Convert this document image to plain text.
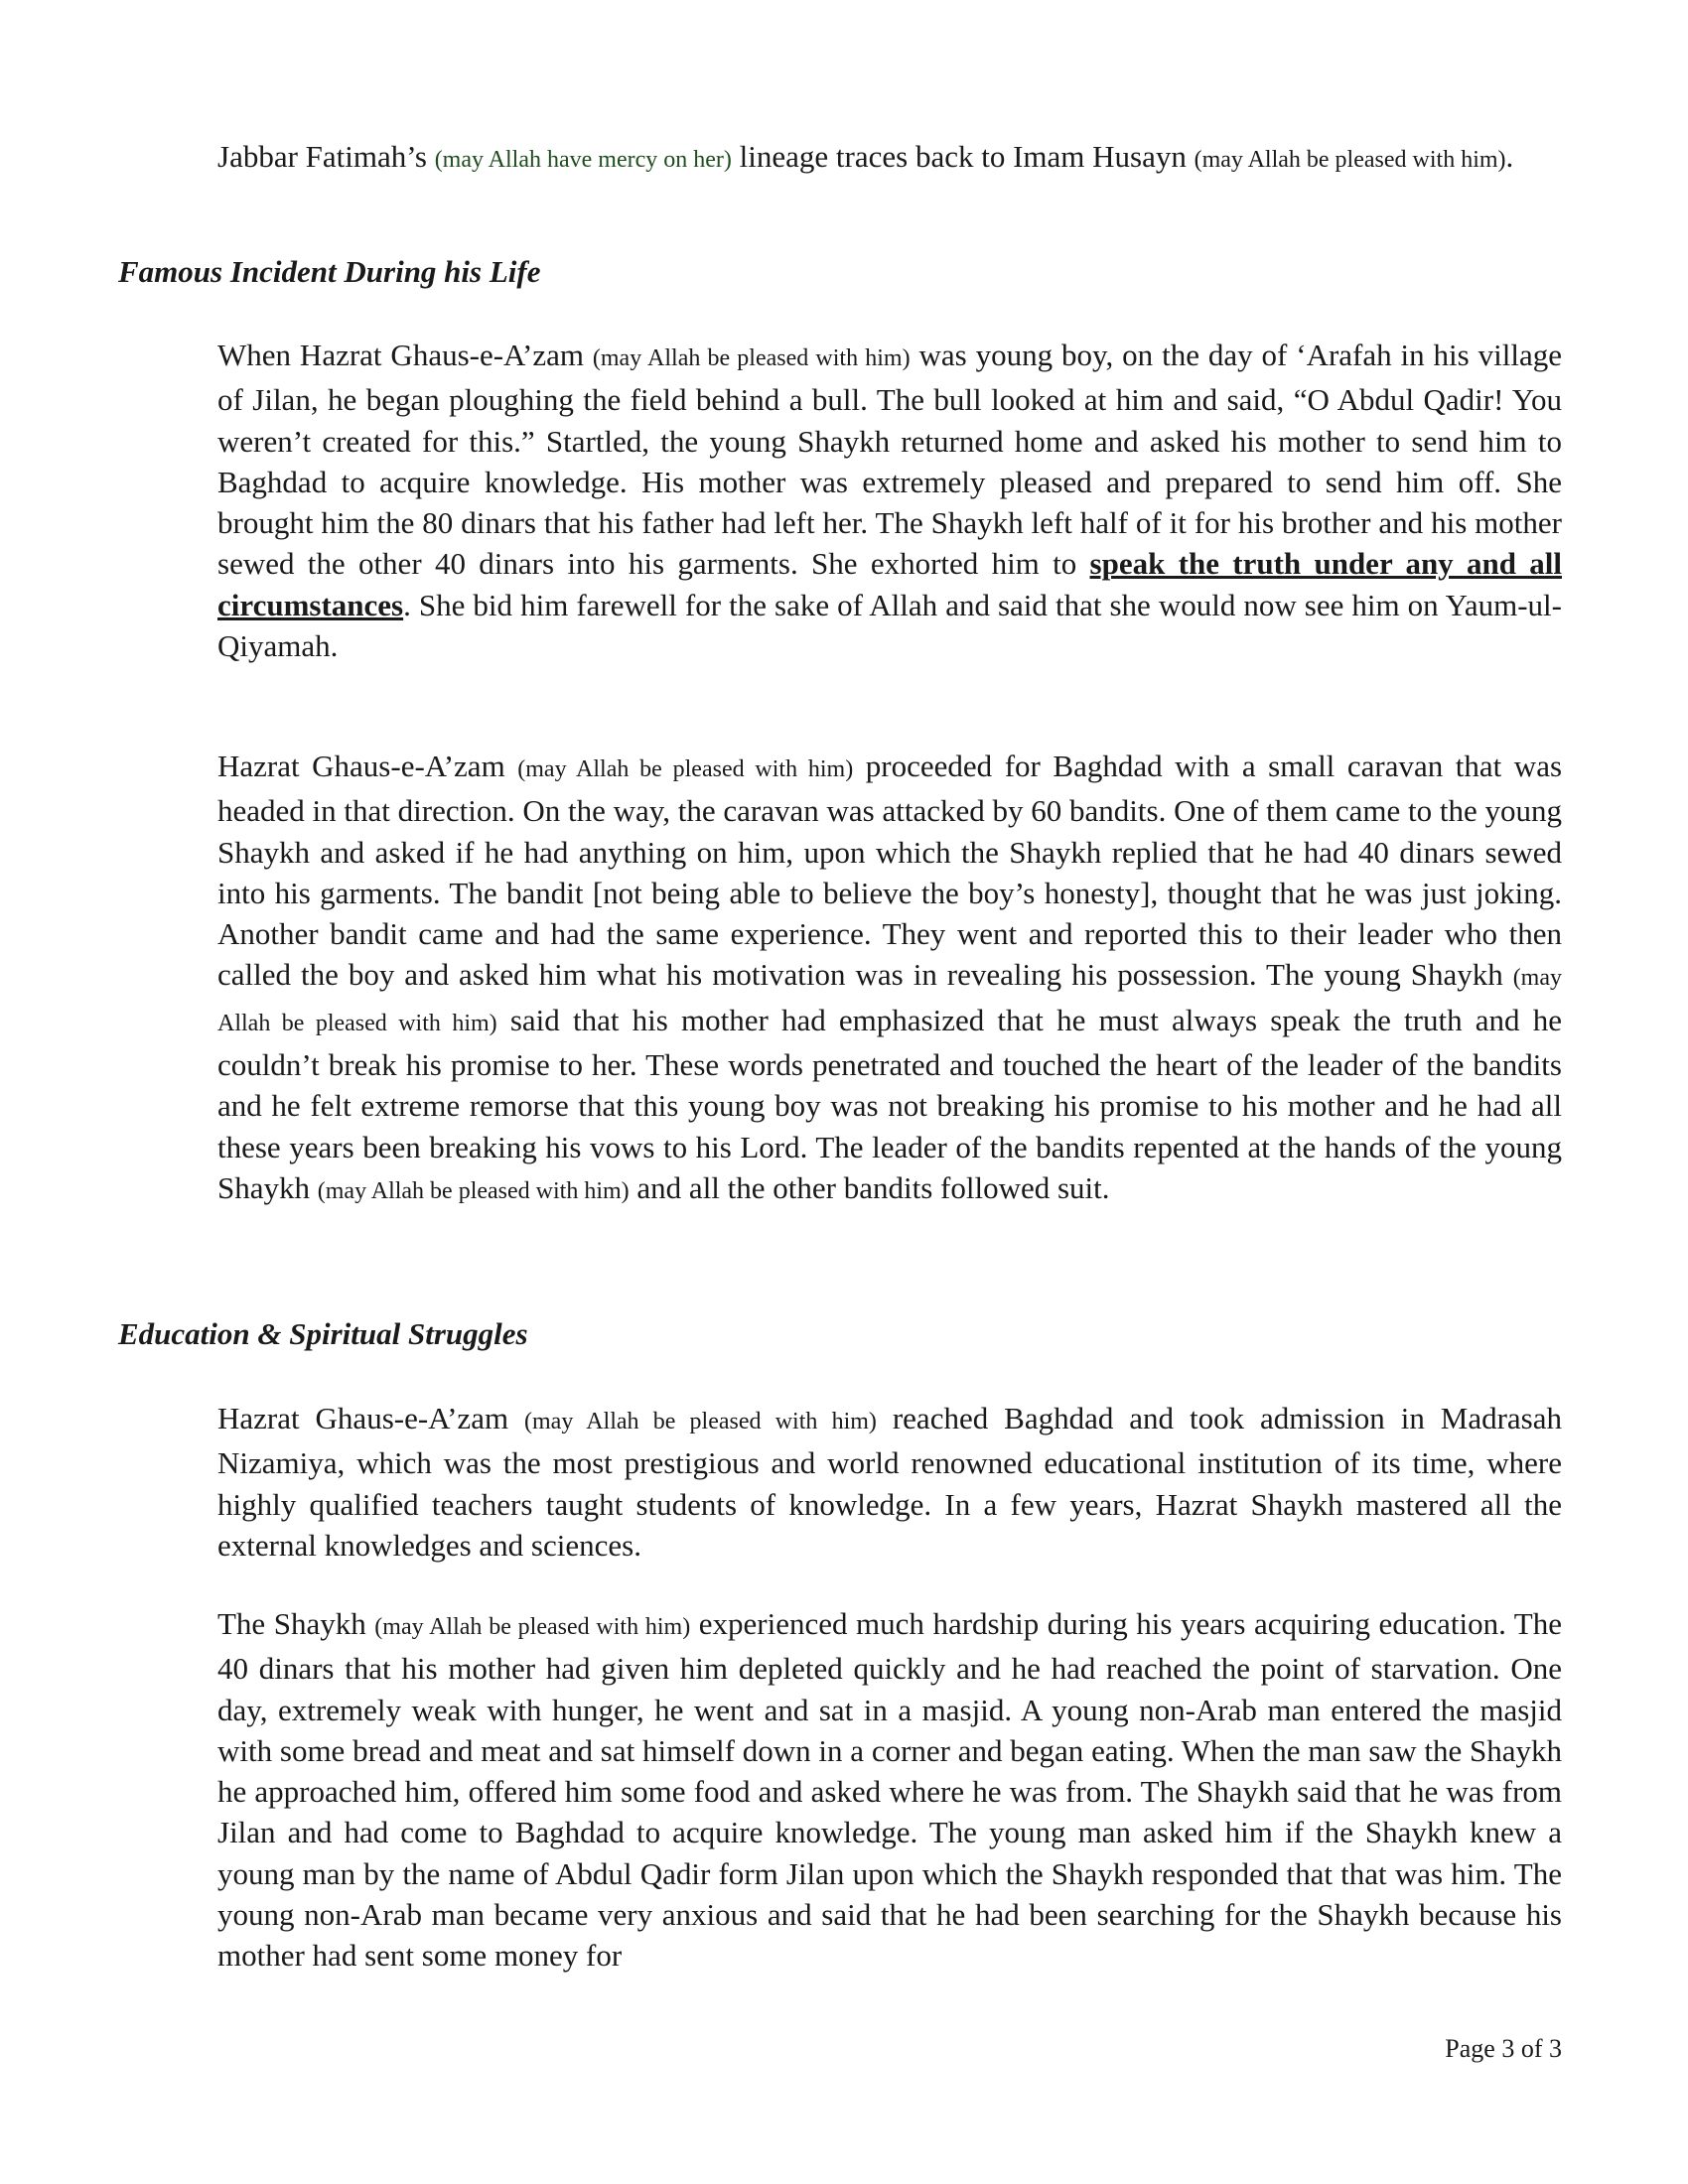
Jabbar Fatimah’s (may Allah have mercy on her) lineage traces back to Imam Husayn (may Allah be pleased with him).

Famous Incident During his Life

When Hazrat Ghaus-e-A’zam (may Allah be pleased with him) was young boy, on the day of ‘Arafah in his village of Jilan, he began ploughing the field behind a bull. The bull looked at him and said, “O Abdul Qadir! You weren’t created for this.” Startled, the young Shaykh returned home and asked his mother to send him to Baghdad to acquire knowledge. His mother was extremely pleased and prepared to send him off. She brought him the 80 dinars that his father had left her. The Shaykh left half of it for his brother and his mother sewed the other 40 dinars into his garments. She exhorted him to speak the truth under any and all circumstances. She bid him farewell for the sake of Allah and said that she would now see him on Yaum-ul-Qiyamah.

Hazrat Ghaus-e-A’zam (may Allah be pleased with him) proceeded for Baghdad with a small caravan that was headed in that direction. On the way, the caravan was attacked by 60 bandits. One of them came to the young Shaykh and asked if he had anything on him, upon which the Shaykh replied that he had 40 dinars sewed into his garments. The bandit [not being able to believe the boy’s honesty], thought that he was just joking. Another bandit came and had the same experience. They went and reported this to their leader who then called the boy and asked him what his motivation was in revealing his possession. The young Shaykh (may Allah be pleased with him) said that his mother had emphasized that he must always speak the truth and he couldn’t break his promise to her. These words penetrated and touched the heart of the leader of the bandits and he felt extreme remorse that this young boy was not breaking his promise to his mother and he had all these years been breaking his vows to his Lord. The leader of the bandits repented at the hands of the young Shaykh (may Allah be pleased with him) and all the other bandits followed suit.

Education & Spiritual Struggles

Hazrat Ghaus-e-A’zam (may Allah be pleased with him) reached Baghdad and took admission in Madrasah Nizamiya, which was the most prestigious and world renowned educational institution of its time, where highly qualified teachers taught students of knowledge. In a few years, Hazrat Shaykh mastered all the external knowledges and sciences.

The Shaykh (may Allah be pleased with him) experienced much hardship during his years acquiring education. The 40 dinars that his mother had given him depleted quickly and he had reached the point of starvation. One day, extremely weak with hunger, he went and sat in a masjid. A young non-Arab man entered the masjid with some bread and meat and sat himself down in a corner and began eating. When the man saw the Shaykh he approached him, offered him some food and asked where he was from. The Shaykh said that he was from Jilan and had come to Baghdad to acquire knowledge. The young man asked him if the Shaykh knew a young man by the name of Abdul Qadir form Jilan upon which the Shaykh responded that that was him. The young non-Arab man became very anxious and said that he had been searching for the Shaykh because his mother had sent some money for

Page 3 of 3
